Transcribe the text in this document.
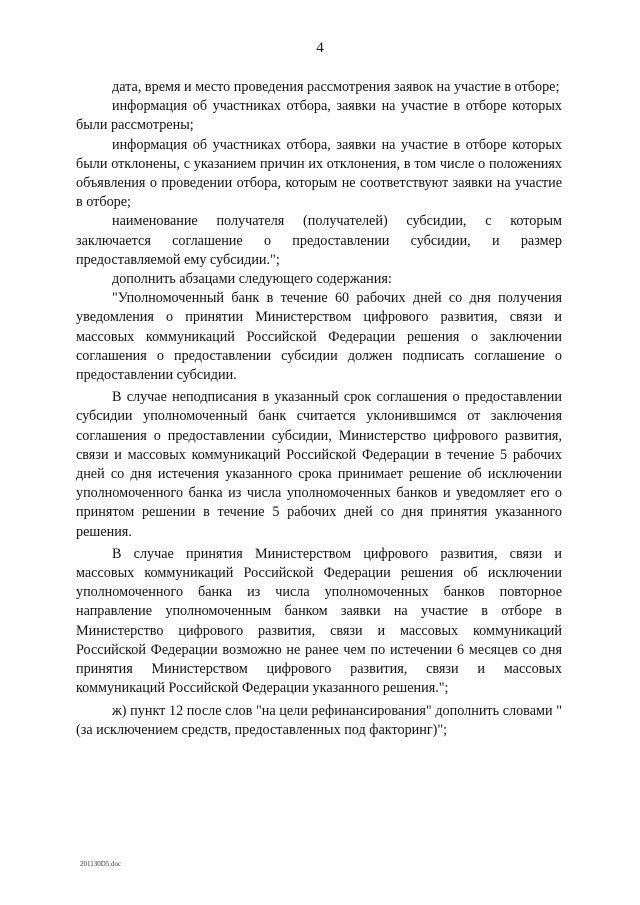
4

дата, время и место проведения рассмотрения заявок на участие в отборе;

информация об участниках отбора, заявки на участие в отборе которых были рассмотрены;

информация об участниках отбора, заявки на участие в отборе которых были отклонены, с указанием причин их отклонения, в том числе о положениях объявления о проведении отбора, которым не соответствуют заявки на участие в отборе;

наименование получателя (получателей) субсидии, с которым заключается соглашение о предоставлении субсидии, и размер предоставляемой ему субсидии.";

дополнить абзацами следующего содержания:

"Уполномоченный банк в течение 60 рабочих дней со дня получения уведомления о принятии Министерством цифрового развития, связи и массовых коммуникаций Российской Федерации решения о заключении соглашения о предоставлении субсидии должен подписать соглашение о предоставлении субсидии.

В случае неподписания в указанный срок соглашения о предоставлении субсидии уполномоченный банк считается уклонившимся от заключения соглашения о предоставлении субсидии, Министерство цифрового развития, связи и массовых коммуникаций Российской Федерации в течение 5 рабочих дней со дня истечения указанного срока принимает решение об исключении уполномоченного банка из числа уполномоченных банков и уведомляет его о принятом решении в течение 5 рабочих дней со дня принятия указанного решения.

В случае принятия Министерством цифрового развития, связи и массовых коммуникаций Российской Федерации решения об исключении уполномоченного банка из числа уполномоченных банков повторное направление уполномоченным банком заявки на участие в отборе в Министерство цифрового развития, связи и массовых коммуникаций Российской Федерации возможно не ранее чем по истечении 6 месяцев со дня принятия Министерством цифрового развития, связи и массовых коммуникаций Российской Федерации указанного решения.";

ж) пункт 12 после слов "на цели рефинансирования" дополнить словами "(за исключением средств, предоставленных под факторинг)";

201130D5.doc
